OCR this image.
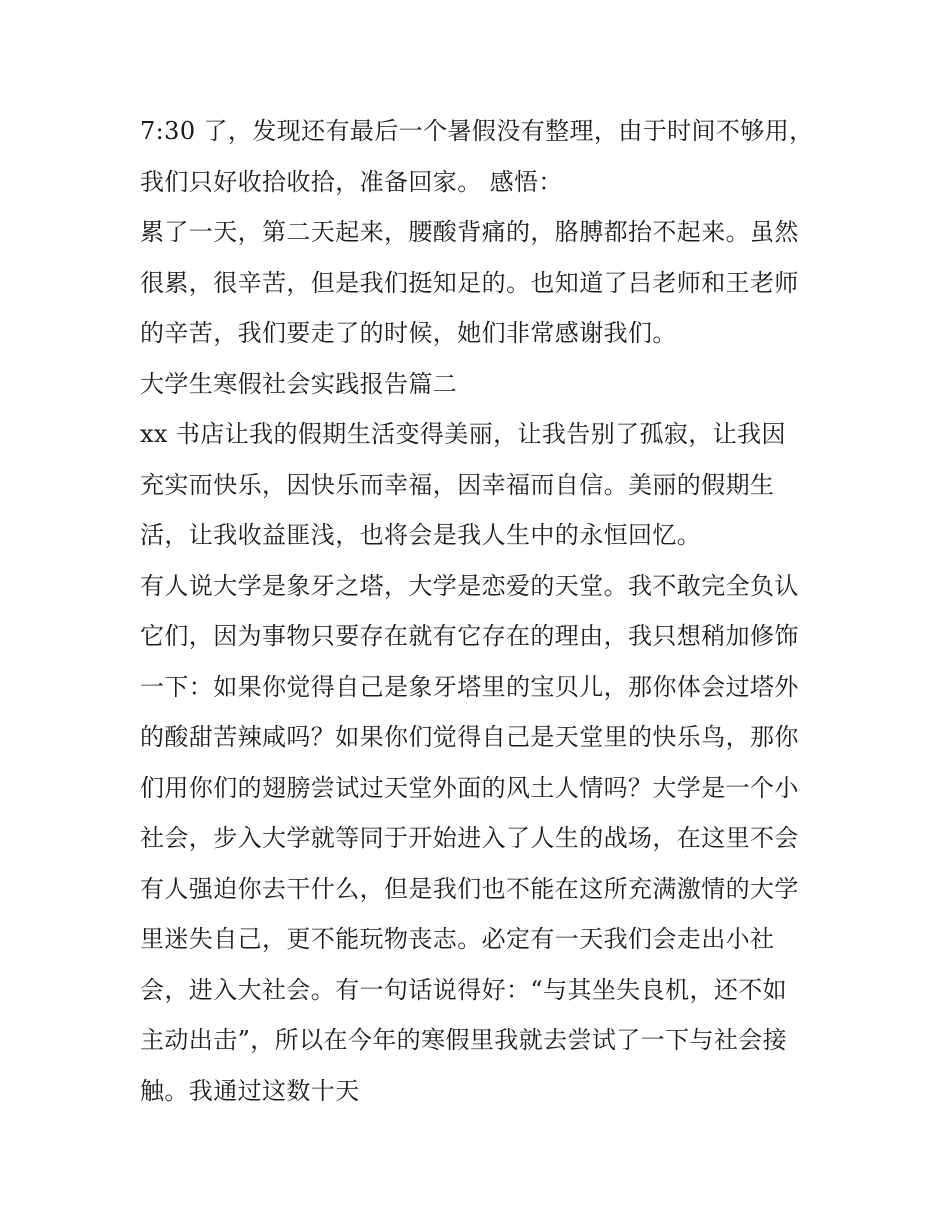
7:30 了，发现还有最后一个暑假没有整理，由于时间不够用，
我们只好收拾收拾，准备回家。 感悟：
累了一天，第二天起来，腰酸背痛的，胳膊都抬不起来。虽然
很累，很辛苦，但是我们挺知足的。也知道了吕老师和王老师
的辛苦，我们要走了的时候，她们非常感谢我们。
大学生寒假社会实践报告篇二
xx 书店让我的假期生活变得美丽，让我告别了孤寂，让我因
充实而快乐，因快乐而幸福，因幸福而自信。美丽的假期生
活，让我收益匪浅，也将会是我人生中的永恒回忆。
有人说大学是象牙之塔，大学是恋爱的天堂。我不敢完全负认
它们，因为事物只要存在就有它存在的理由，我只想稍加修饰
一下：如果你觉得自己是象牙塔里的宝贝儿，那你体会过塔外
的酸甜苦辣咸吗？如果你们觉得自己是天堂里的快乐鸟，那你
们用你们的翅膀尝试过天堂外面的风土人情吗？大学是一个小
社会，步入大学就等同于开始进入了人生的战场，在这里不会
有人强迫你去干什么，但是我们也不能在这所充满激情的大学
里迷失自己，更不能玩物丧志。必定有一天我们会走出小社
会，进入大社会。有一句话说得好：“与其坐失良机，还不如
主动出击”，所以在今年的寒假里我就去尝试了一下与社会接
触。我通过这数十天
